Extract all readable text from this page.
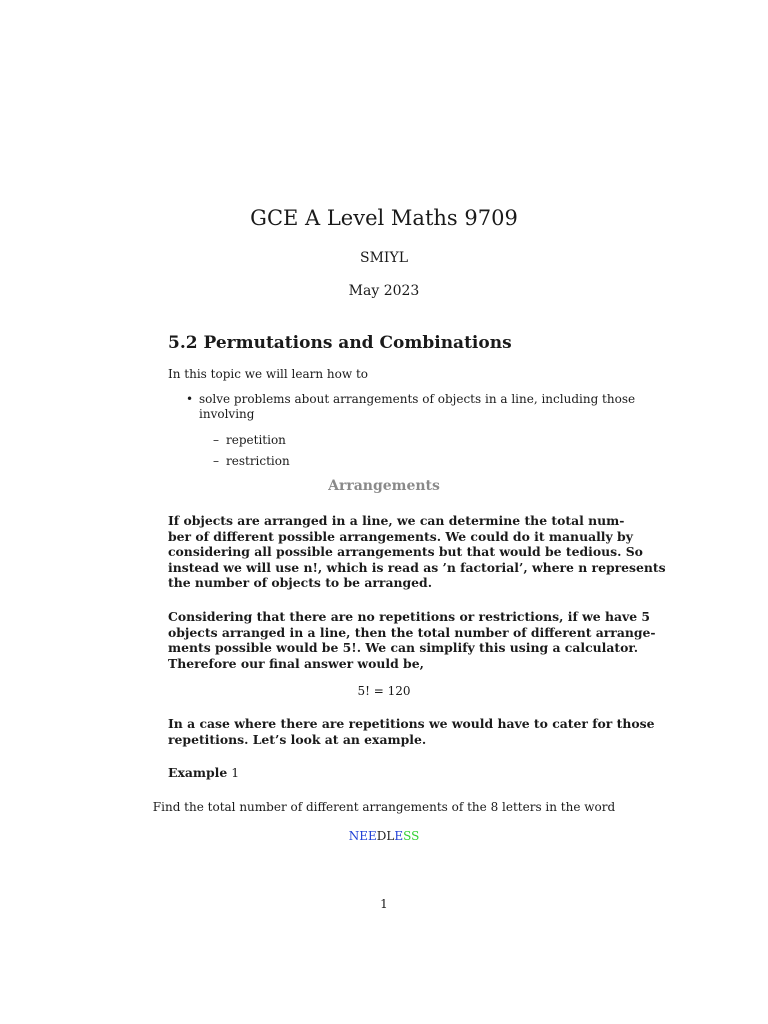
GCE A Level Maths 9709
SMIYL
May 2023
5.2 Permutations and Combinations
In this topic we will learn how to
• solve problems about arrangements of objects in a line, including those
involving
– repetition
– restriction
Arrangements
If objects are arranged in a line, we can determine the total num-
ber of different possible arrangements. We could do it manually by
considering all possible arrangements but that would be tedious. So
instead we will use n!, which is read as ’n factorial’, where n represents
the number of objects to be arranged.
Considering that there are no repetitions or restrictions, if we have 5
objects arranged in a line, then the total number of different arrange-
ments possible would be 5!. We can simplify this using a calculator.
Therefore our final answer would be,
5! = 120
In a case where there are repetitions we would have to cater for those
repetitions. Let’s look at an example.
Example 1
Find the total number of different arrangements of the 8 letters in the word
NEEDLESS
1
